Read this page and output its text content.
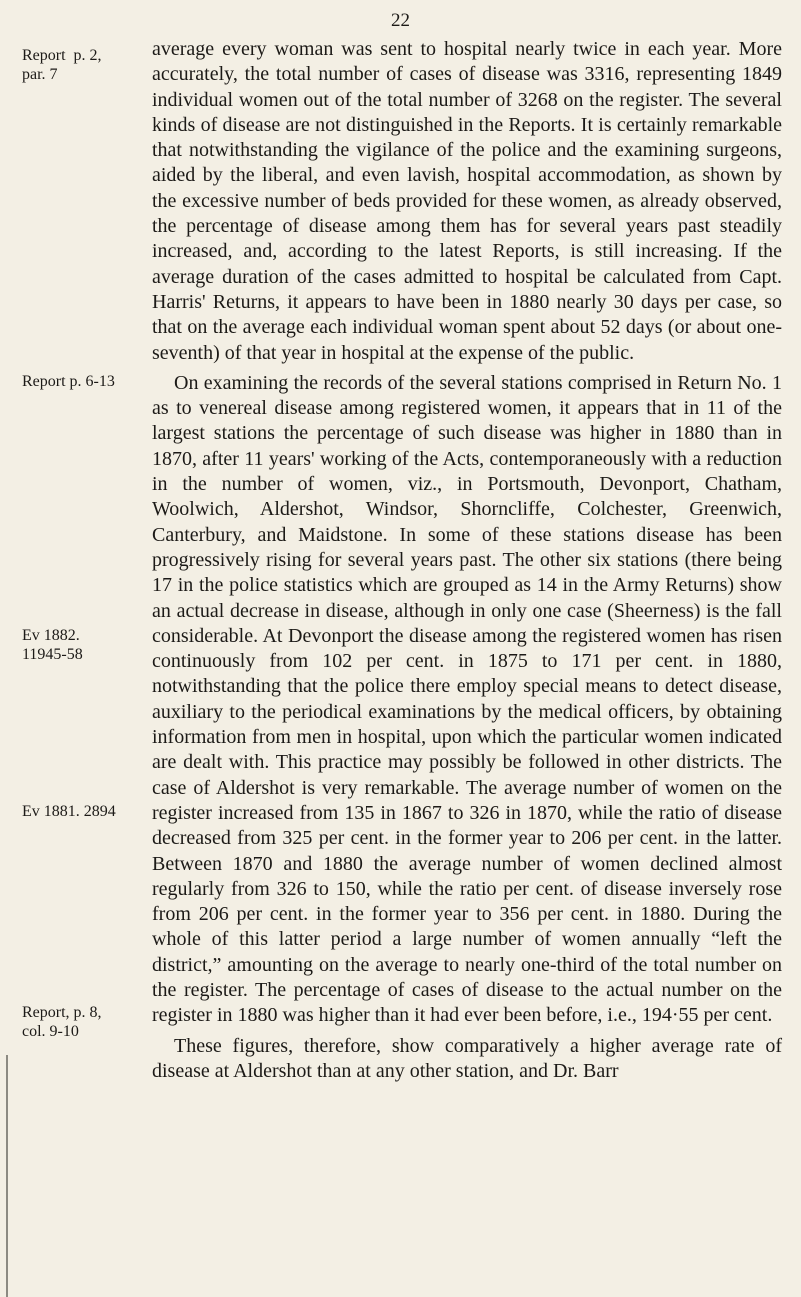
22
Report  p. 2,
par. 7
Report p. 6-13
Ev 1882.
11945-58
Ev 1881. 2894
Report, p. 8,
col. 9-10

average every woman was sent to hospital nearly twice in each year. More accurately, the total number of cases of disease was 3316, representing 1849 individual women out of the total number of 3268 on the register. The several kinds of disease are not distinguished in the Reports. It is certainly remarkable that notwithstanding the vigilance of the police and the examining surgeons, aided by the liberal, and even lavish, hospital accommodation, as shown by the excessive number of beds provided for these women, as already observed, the percentage of disease among them has for several years past steadily increased, and, according to the latest Reports, is still increasing. If the average duration of the cases admitted to hospital be calculated from Capt. Harris' Returns, it appears to have been in 1880 nearly 30 days per case, so that on the average each individual woman spent about 52 days (or about one-seventh) of that year in hospital at the expense of the public.

On examining the records of the several stations comprised in Return No. 1 as to venereal disease among registered women, it appears that in 11 of the largest stations the percentage of such disease was higher in 1880 than in 1870, after 11 years' working of the Acts, contemporaneously with a reduction in the number of women, viz., in Portsmouth, Devonport, Chatham, Woolwich, Aldershot, Windsor, Shorncliffe, Colchester, Greenwich, Canterbury, and Maidstone. In some of these stations disease has been progressively rising for several years past. The other six stations (there being 17 in the police statistics which are grouped as 14 in the Army Returns) show an actual decrease in disease, although in only one case (Sheerness) is the fall considerable. At Devonport the disease among the registered women has risen continuously from 102 per cent. in 1875 to 171 per cent. in 1880, notwithstanding that the police there employ special means to detect disease, auxiliary to the periodical examinations by the medical officers, by obtaining information from men in hospital, upon which the particular women indicated are dealt with. This practice may possibly be followed in other districts. The case of Aldershot is very remarkable. The average number of women on the register increased from 135 in 1867 to 326 in 1870, while the ratio of disease decreased from 325 per cent. in the former year to 206 per cent. in the latter. Between 1870 and 1880 the average number of women declined almost regularly from 326 to 150, while the ratio per cent. of disease inversely rose from 206 per cent. in the former year to 356 per cent. in 1880. During the whole of this latter period a large number of women annually “left the district,” amounting on the average to nearly one-third of the total number on the register. The percentage of cases of disease to the actual number on the register in 1880 was higher than it had ever been before, i.e., 194·55 per cent.

These figures, therefore, show comparatively a higher average rate of disease at Aldershot than at any other station, and Dr. Barr
